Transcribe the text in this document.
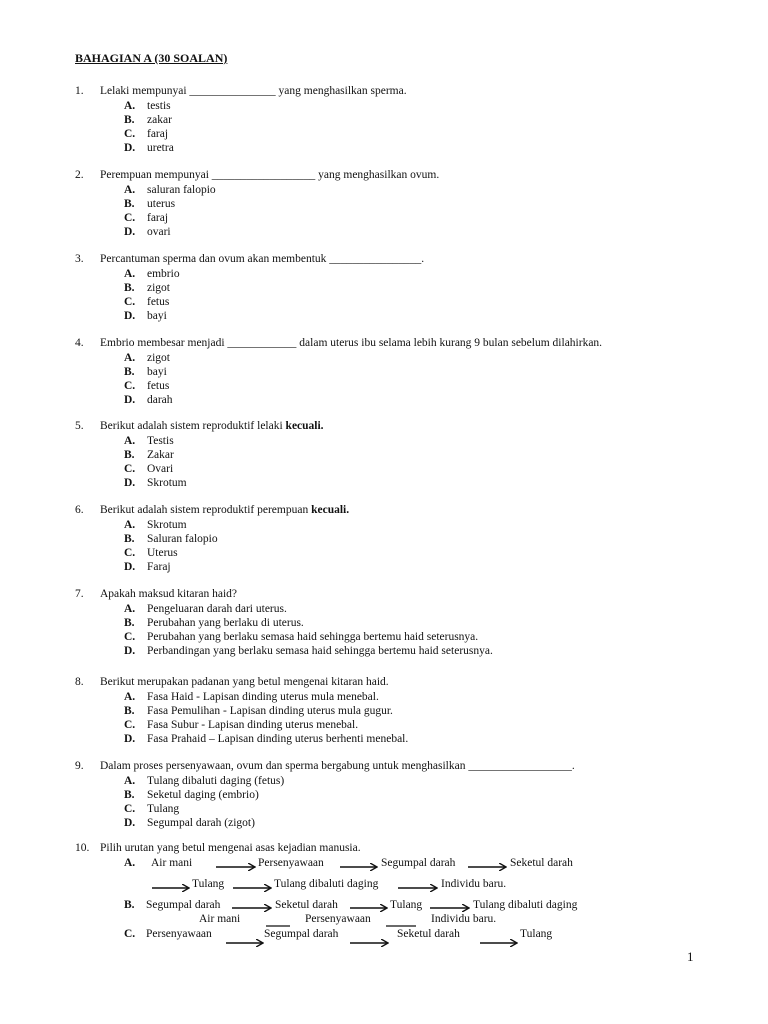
BAHAGIAN A (30 SOALAN)
1. Lelaki mempunyai _______________ yang menghasilkan sperma.
A. testis
B. zakar
C. faraj
D. uretra
2. Perempuan mempunyai __________________ yang menghasilkan ovum.
A. saluran falopio
B. uterus
C. faraj
D. ovari
3. Percantuman sperma dan ovum akan membentuk ________________.
A. embrio
B. zigot
C. fetus
D. bayi
4. Embrio membesar menjadi ____________ dalam uterus ibu selama lebih kurang 9 bulan sebelum dilahirkan.
A. zigot
B. bayi
C. fetus
D. darah
5. Berikut adalah sistem reproduktif lelaki kecuali.
A. Testis
B. Zakar
C. Ovari
D. Skrotum
6. Berikut adalah sistem reproduktif perempuan kecuali.
A. Skrotum
B. Saluran falopio
C. Uterus
D. Faraj
7. Apakah maksud kitaran haid?
A. Pengeluaran darah dari uterus.
B. Perubahan yang berlaku di uterus.
C. Perubahan yang berlaku semasa haid sehingga bertemu haid seterusnya.
D. Perbandingan yang berlaku semasa haid sehingga bertemu haid seterusnya.
8. Berikut merupakan padanan yang betul mengenai kitaran haid.
A. Fasa Haid - Lapisan dinding uterus mula menebal.
B. Fasa Pemulihan - Lapisan dinding uterus mula gugur.
C. Fasa Subur - Lapisan dinding uterus menebal.
D. Fasa Prahaid – Lapisan dinding uterus berhenti menebal.
9. Dalam proses persenyawaan, ovum dan sperma bergabung untuk menghasilkan __________________.
A. Tulang dibaluti daging (fetus)
B. Seketul daging (embrio)
C. Tulang
D. Segumpal darah (zigot)
10. Pilih urutan yang betul mengenai asas kejadian manusia.
A. Air mani	Persenyawaan	Segumpal darah	Seketul darah
Tulang	Tulang dibaluti daging	Individu baru.
B. Segumpal darah	Seketul darah	Tulang	Tulang dibaluti daging
Air mani	Persenyawaan	Individu baru.
C. Persenyawaan	Segumpal darah	Seketul darah	Tulang
1
